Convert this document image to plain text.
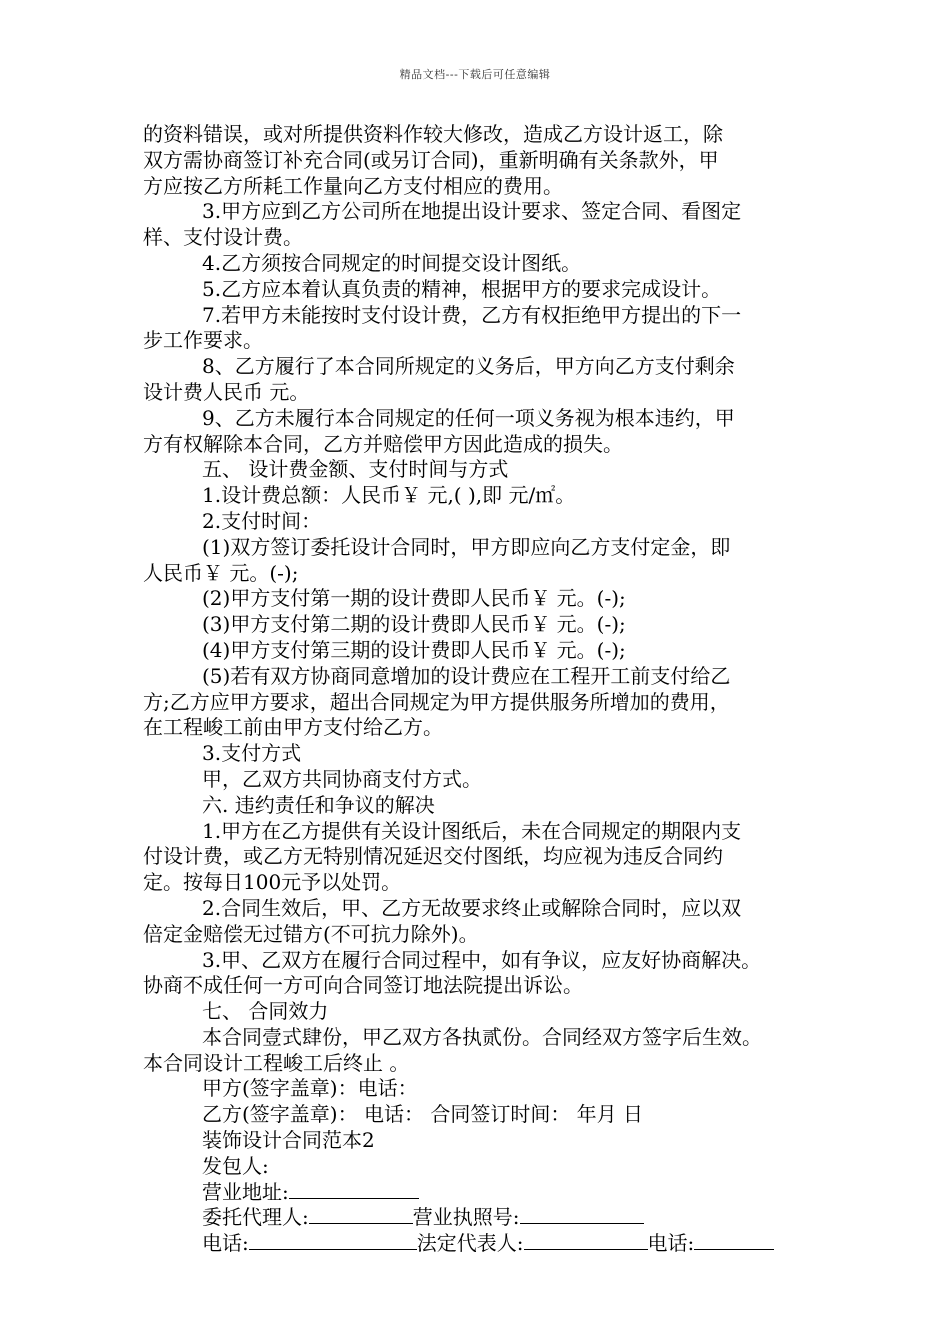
精品文档---下载后可任意编辑
的资料错误，或对所提供资料作较大修改，造成乙方设计返工，除
双方需协商签订补充合同(或另订合同)，重新明确有关条款外，甲
方应按乙方所耗工作量向乙方支付相应的费用。
3.甲方应到乙方公司所在地提出设计要求、签定合同、看图定
样、支付设计费。
4.乙方须按合同规定的时间提交设计图纸。
5.乙方应本着认真负责的精神，根据甲方的要求完成设计。
7.若甲方未能按时支付设计费，乙方有权拒绝甲方提出的下一
步工作要求。
8、乙方履行了本合同所规定的义务后，甲方向乙方支付剩余
设计费人民币 元。
9、乙方未履行本合同规定的任何一项义务视为根本违约，甲
方有权解除本合同，乙方并赔偿甲方因此造成的损失。
五、 设计费金额、支付时间与方式
1.设计费总额：人民币￥ 元,( ),即 元/㎡。
2.支付时间：
(1)双方签订委托设计合同时，甲方即应向乙方支付定金，即
人民币￥ 元。(-);
(2)甲方支付第一期的设计费即人民币￥ 元。(-);
(3)甲方支付第二期的设计费即人民币￥ 元。(-);
(4)甲方支付第三期的设计费即人民币￥ 元。(-);
(5)若有双方协商同意增加的设计费应在工程开工前支付给乙
方;乙方应甲方要求，超出合同规定为甲方提供服务所增加的费用，
在工程峻工前由甲方支付给乙方。
3.支付方式
甲，乙双方共同协商支付方式。
六. 违约责任和争议的解决
1.甲方在乙方提供有关设计图纸后，未在合同规定的期限内支
付设计费，或乙方无特别情况延迟交付图纸，均应视为违反合同约
定。按每日100元予以处罚。
2.合同生效后，甲、乙方无故要求终止或解除合同时，应以双
倍定金赔偿无过错方(不可抗力除外)。
3.甲、乙双方在履行合同过程中，如有争议，应友好协商解决。
协商不成任何一方可向合同签订地法院提出诉讼。
七、 合同效力
本合同壹式肆份，甲乙双方各执贰份。合同经双方签字后生效。
本合同设计工程峻工后终止 。
甲方(签字盖章)：电话：
乙方(签字盖章)： 电话： 合同签订时间： 年月 日
装饰设计合同范本2
发包人:
营业地址:
委托代理人:	营业执照号:
电话:	法定代表人:	电话:
